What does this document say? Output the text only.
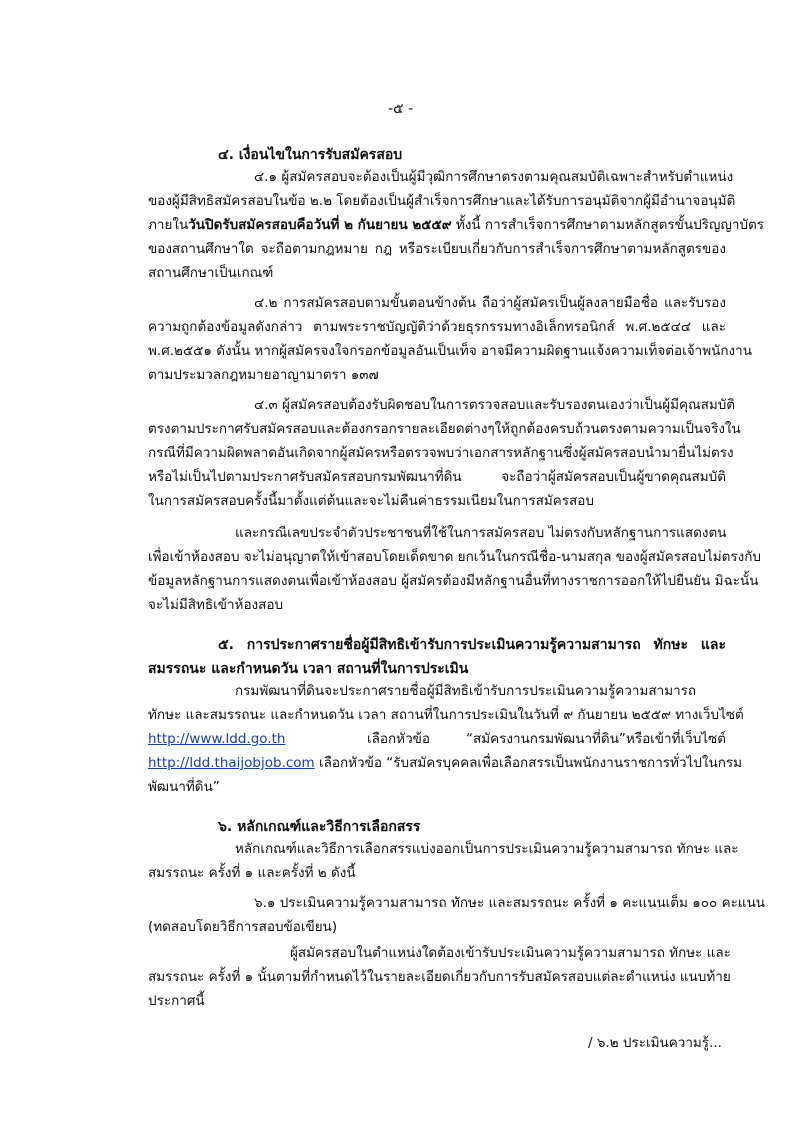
-๕ -
๔. เงื่อนไขในการรับสมัครสอบ
๔.๑ ผู้สมัครสอบจะต้องเป็นผู้มีวุฒิการศึกษาตรงตามคุณสมบัติเฉพาะสำหรับตำแหน่ง
ของผู้มีสิทธิสมัครสอบในข้อ ๒.๒ โดยต้องเป็นผู้สำเร็จการศึกษาและได้รับการอนุมัติจากผู้มีอำนาจอนุมัติ
ภายในวันปิดรับสมัครสอบคือวันที่ ๒ กันยายน ๒๕๕๙ ทั้งนี้ การสำเร็จการศึกษาตามหลักสูตรขั้นปริญญาบัตร
ของสถานศึกษาใด จะถือตามกฎหมาย กฎ หรือระเบียบเกี่ยวกับการสำเร็จการศึกษาตามหลักสูตรของ
สถานศึกษาเป็นเกณฑ์
๔.๒ การสมัครสอบตามขั้นตอนข้างต้น ถือว่าผู้สมัครเป็นผู้ลงลายมือชื่อ และรับรอง
ความถูกต้องข้อมูลดังกล่าว ตามพระราชบัญญัติว่าด้วยธุรกรรมทางอิเล็กทรอนิกส์ พ.ศ.๒๕๔๔ และ
พ.ศ.๒๕๕๑ ดังนั้น หากผู้สมัครจงใจกรอกข้อมูลอันเป็นเท็จ อาจมีความผิดฐานแจ้งความเท็จต่อเจ้าพนักงาน
ตามประมวลกฎหมายอาญามาตรา ๑๓๗
๔.๓ ผู้สมัครสอบต้องรับผิดชอบในการตรวจสอบและรับรองตนเองว่าเป็นผู้มีคุณสมบัติ
ตรงตามประกาศรับสมัครสอบและต้องกรอกรายละเอียดต่างๆให้ถูกต้องครบถ้วนตรงตามความเป็นจริงใน
กรณีที่มีความผิดพลาดอันเกิดจากผู้สมัครหรือตรวจพบว่าเอกสารหลักฐานซึ่งผู้สมัครสอบนำมายื่นไม่ตรง
หรือไม่เป็นไปตามประกาศรับสมัครสอบกรมพัฒนาที่ดิน จะถือว่าผู้สมัครสอบเป็นผู้ขาดคุณสมบัติ
ในการสมัครสอบครั้งนี้มาตั้งแต่ต้นและจะไม่คืนค่าธรรมเนียมในการสมัครสอบ
และกรณีเลขประจำตัวประชาชนที่ใช้ในการสมัครสอบ ไม่ตรงกับหลักฐานการแสดงตน
เพื่อเข้าห้องสอบ จะไม่อนุญาตให้เข้าสอบโดยเด็ดขาด ยกเว้นในกรณีชื่อ-นามสกุล ของผู้สมัครสอบไม่ตรงกับ
ข้อมูลหลักฐานการแสดงตนเพื่อเข้าห้องสอบ ผู้สมัครต้องมีหลักฐานอื่นที่ทางราชการออกให้ไปยืนยัน มิฉะนั้น
จะไม่มีสิทธิเข้าห้องสอบ
๕. การประกาศรายชื่อผู้มีสิทธิเข้ารับการประเมินความรู้ความสามารถ ทักษะ และ
สมรรถนะ และกำหนดวัน เวลา สถานที่ในการประเมิน
กรมพัฒนาที่ดินจะประกาศรายชื่อผู้มีสิทธิเข้ารับการประเมินความรู้ความสามารถ
ทักษะ และสมรรถนะ และกำหนดวัน เวลา สถานที่ในการประเมินในวันที่ ๙ กันยายน ๒๕๕๙ ทางเว็บไซต์
http://www.ldd.go.th	เลือกหัวข้อ “สมัครงานกรมพัฒนาที่ดิน”หรือเข้าที่เว็บไซต์
http://ldd.thaijobjob.com เลือกหัวข้อ “รับสมัครบุคคลเพื่อเลือกสรรเป็นพนักงานราชการทั่วไปในกรม
พัฒนาที่ดิน”
๖. หลักเกณฑ์และวิธีการเลือกสรร
หลักเกณฑ์และวิธีการเลือกสรรแบ่งออกเป็นการประเมินความรู้ความสามารถ ทักษะ และ
สมรรถนะ ครั้งที่ ๑ และครั้งที่ ๒ ดังนี้
๖.๑ ประเมินความรู้ความสามารถ ทักษะ และสมรรถนะ ครั้งที่ ๑ คะแนนเต็ม ๑๐๐ คะแนน
(ทดสอบโดยวิธีการสอบข้อเขียน)
ผู้สมัครสอบในตำแหน่งใดต้องเข้ารับประเมินความรู้ความสามารถ ทักษะ และ
สมรรถนะ ครั้งที่ ๑ นั้นตามที่กำหนดไว้ในรายละเอียดเกี่ยวกับการรับสมัครสอบแต่ละตำแหน่ง แนบท้าย
ประกาศนี้
/ ๖.๒ ประเมินความรู้...
